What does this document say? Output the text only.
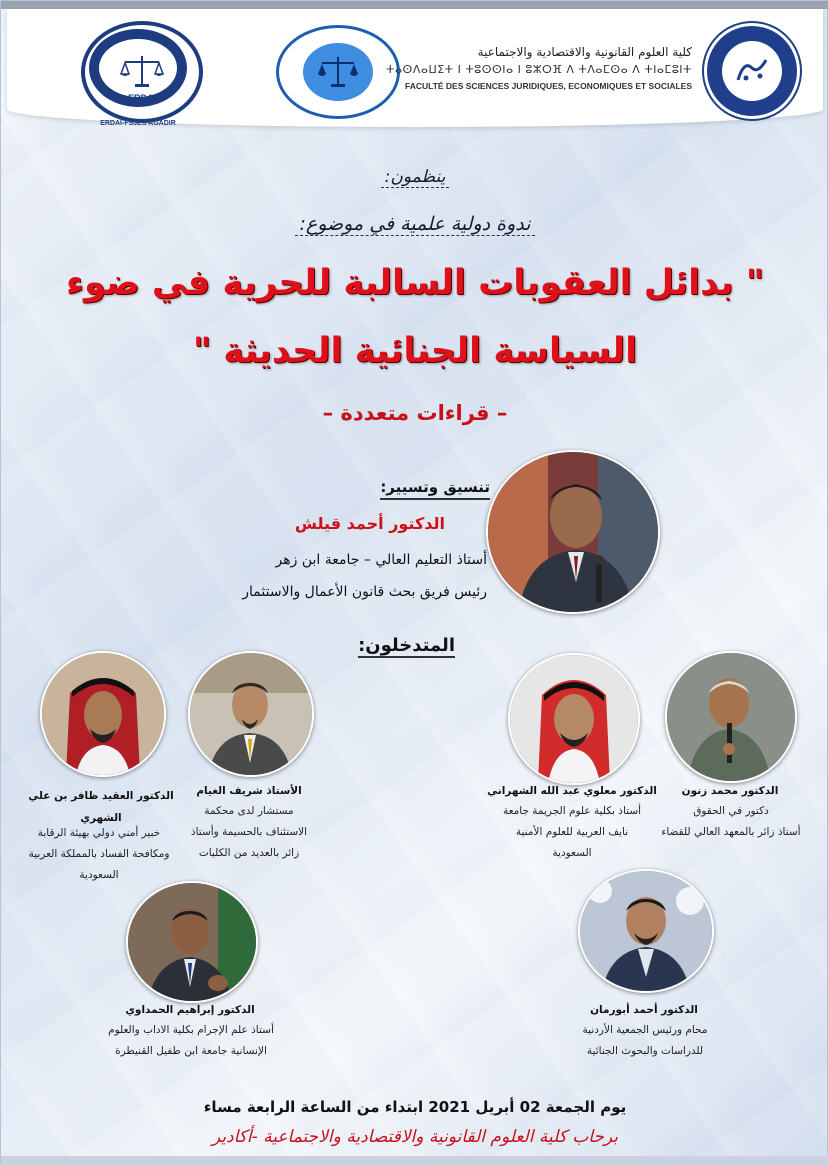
ERDAI
ERDAI-FSJES AGADIR
كلية العلوم القانونية والاقتصادية والاجتماعية
ⵜⴰⵙⴷⴰⵡⵉⵜ ⵏ ⵜⵓⵙⵙⵏⴰ ⵏ ⵓⵣⵔⴼ ⴷ ⵜⴷⴰⵎⵙⴰ ⴷ ⵜⵏⴰⵎⵓⵏⵜ
FACULTÉ DES SCIENCES JURIDIQUES, ECONOMIQUES ET SOCIALES
ينظمون:
ندوة دولية علمية في موضوع:
" بدائل العقوبات السالبة للحرية في ضوء
السياسة الجنائية الحديثة "
– قراءات متعددة –
تنسيق وتسيير:
الدكتور أحمد قيلش
أستاذ التعليم العالي – جامعة ابن زهر
رئيس فريق بحث قانون الأعمال والاستثمار
المتدخلون:
الدكتور محمد زنون
دكتور في الحقوق
أستاذ زائر بالمعهد العالي للقضاء
الدكتور معلوي عبد الله الشهراني
أستاذ بكلية علوم الجريمة جامعة
نايف العربية للعلوم الأمنية
السعودية
الأستاذ شريف الغيام
مستشار لدى محكمة
الاستئناف بالحسيمة وأستاذ
زائر بالعديد من الكليات
الدكتور العقيد ظافر بن علي
الشهري
خبير أمني دولي بهيئة الرقابة
ومكافحة الفساد بالمملكة العربية
السعودية
الدكتور أحمد أبورمان
محام ورئيس الجمعية الأردنية
للدراسات والبحوث الجنائية
الدكتور إبراهيم الحمداوي
أستاذ علم الإجرام بكلية الاداب والعلوم
الإنسانية جامعة ابن طفيل القنيطرة
يوم الجمعة 02 أبريل 2021 ابتداء من الساعة الرابعة مساء
برحاب كلية العلوم القانونية والاقتصادية والاجتماعية -أكادير
